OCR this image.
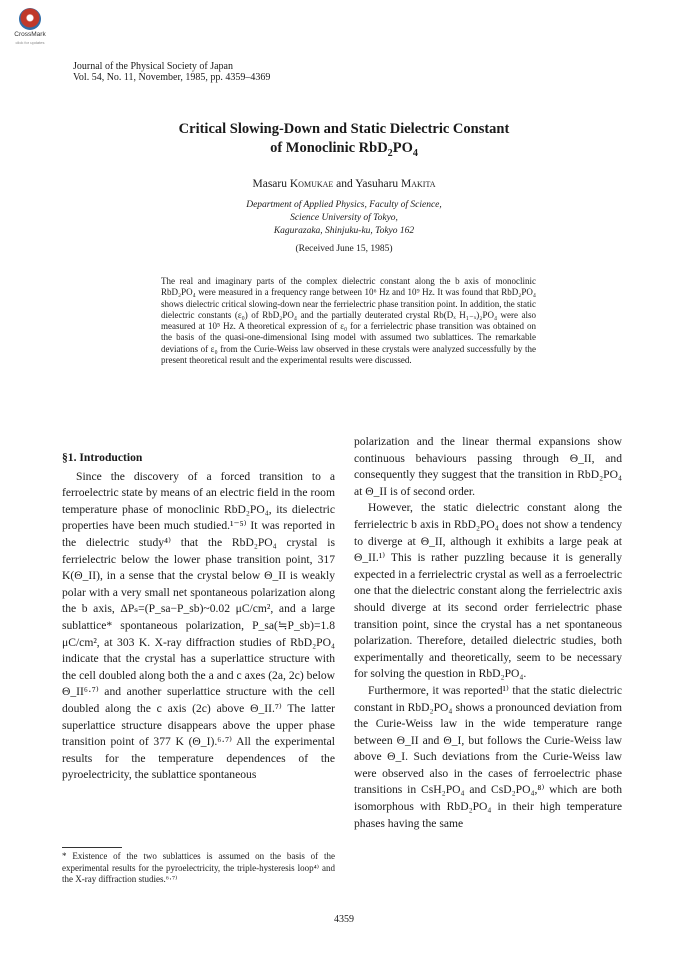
CrossMark
click for updates
Journal of the Physical Society of Japan
Vol. 54, No. 11, November, 1985, pp. 4359–4369
Critical Slowing-Down and Static Dielectric Constant
of Monoclinic $RbD_2PO_4$
Masaru Komukae and Yasuharu Makita
Department of Applied Physics, Faculty of Science,
Science University of Tokyo,
Kagurazaka, Shinjuku-ku, Tokyo 162
(Received June 15, 1985)
The real and imaginary parts of the complex dielectric constant along the b axis of monoclinic RbD₂PO₄ were measured in a frequency range between 10⁶ Hz and 10⁹ Hz. It was found that RbD₂PO₄ shows dielectric critical slowing-down near the ferrielectric phase transition point. In addition, the static dielectric constants (ε₀) of RbD₂PO₄ and the partially deuterated crystal Rb(Dₓ H₁₋ₓ)₂PO₄ were also measured at 10⁵ Hz. A theoretical expression of ε₀ for a ferrielectric phase transition was obtained on the basis of the quasi-one-dimensional Ising model with assumed two sublattices. The remarkable deviations of ε₀ from the Curie-Weiss law observed in these crystals were analyzed successfully by the present theoretical result and the experimental results were discussed.
§1. Introduction

Since the discovery of a forced transition to a ferroelectric state by means of an electric field in the room temperature phase of monoclinic RbD₂PO₄, its dielectric properties have been much studied.¹⁻⁵⁾ It was reported in the dielectric study⁴⁾ that the RbD₂PO₄ crystal is ferrielectric below the lower phase transition point, 317 K(Θ_II), in a sense that the crystal below Θ_II is weakly polar with a very small net spontaneous polarization along the b axis, ΔPₛ=(P_sa−P_sb)~0.02 μC/cm², and a large sublattice* spontaneous polarization, P_sa(≒P_sb)=1.8 μC/cm², at 303 K. X-ray diffraction studies of RbD₂PO₄ indicate that the crystal has a superlattice structure with the cell doubled along both the a and c axes (2a, 2c) below Θ_II⁶·⁷⁾ and another superlattice structure with the cell doubled along the c axis (2c) above Θ_II.⁷⁾ The latter superlattice structure disappears above the upper phase transition point of 377 K (Θ_I).⁶·⁷⁾ All the experimental results for the temperature dependences of the pyroelectricity, the sublattice spontaneous

polarization and the linear thermal expansions show continuous behaviours passing through Θ_II, and consequently they suggest that the transition in RbD₂PO₄ at Θ_II is of second order.

However, the static dielectric constant along the ferrielectric b axis in RbD₂PO₄ does not show a tendency to diverge at Θ_II, although it exhibits a large peak at Θ_II.¹⁾ This is rather puzzling because it is generally expected in a ferrielectric crystal as well as a ferroelectric one that the dielectric constant along the ferrielectric axis should diverge at its second order ferrielectric phase transition point, since the crystal has a net spontaneous polarization. Therefore, detailed dielectric studies, both experimentally and theoretically, seem to be necessary for solving the question in RbD₂PO₄.

Furthermore, it was reported¹⁾ that the static dielectric constant in RbD₂PO₄ shows a pronounced deviation from the Curie-Weiss law in the wide temperature range between Θ_II and Θ_I, but follows the Curie-Weiss law above Θ_I. Such deviations from the Curie-Weiss law were observed also in the cases of ferroelectric phase transitions in CsH₂PO₄ and CsD₂PO₄,⁸⁾ which are both isomorphous with RbD₂PO₄ in their high temperature phases having the same

* Existence of the two sublattices is assumed on the basis of the experimental results for the pyroelectricity, the triple-hysteresis loop⁴⁾ and the X-ray diffraction studies.⁶·⁷⁾
4359
